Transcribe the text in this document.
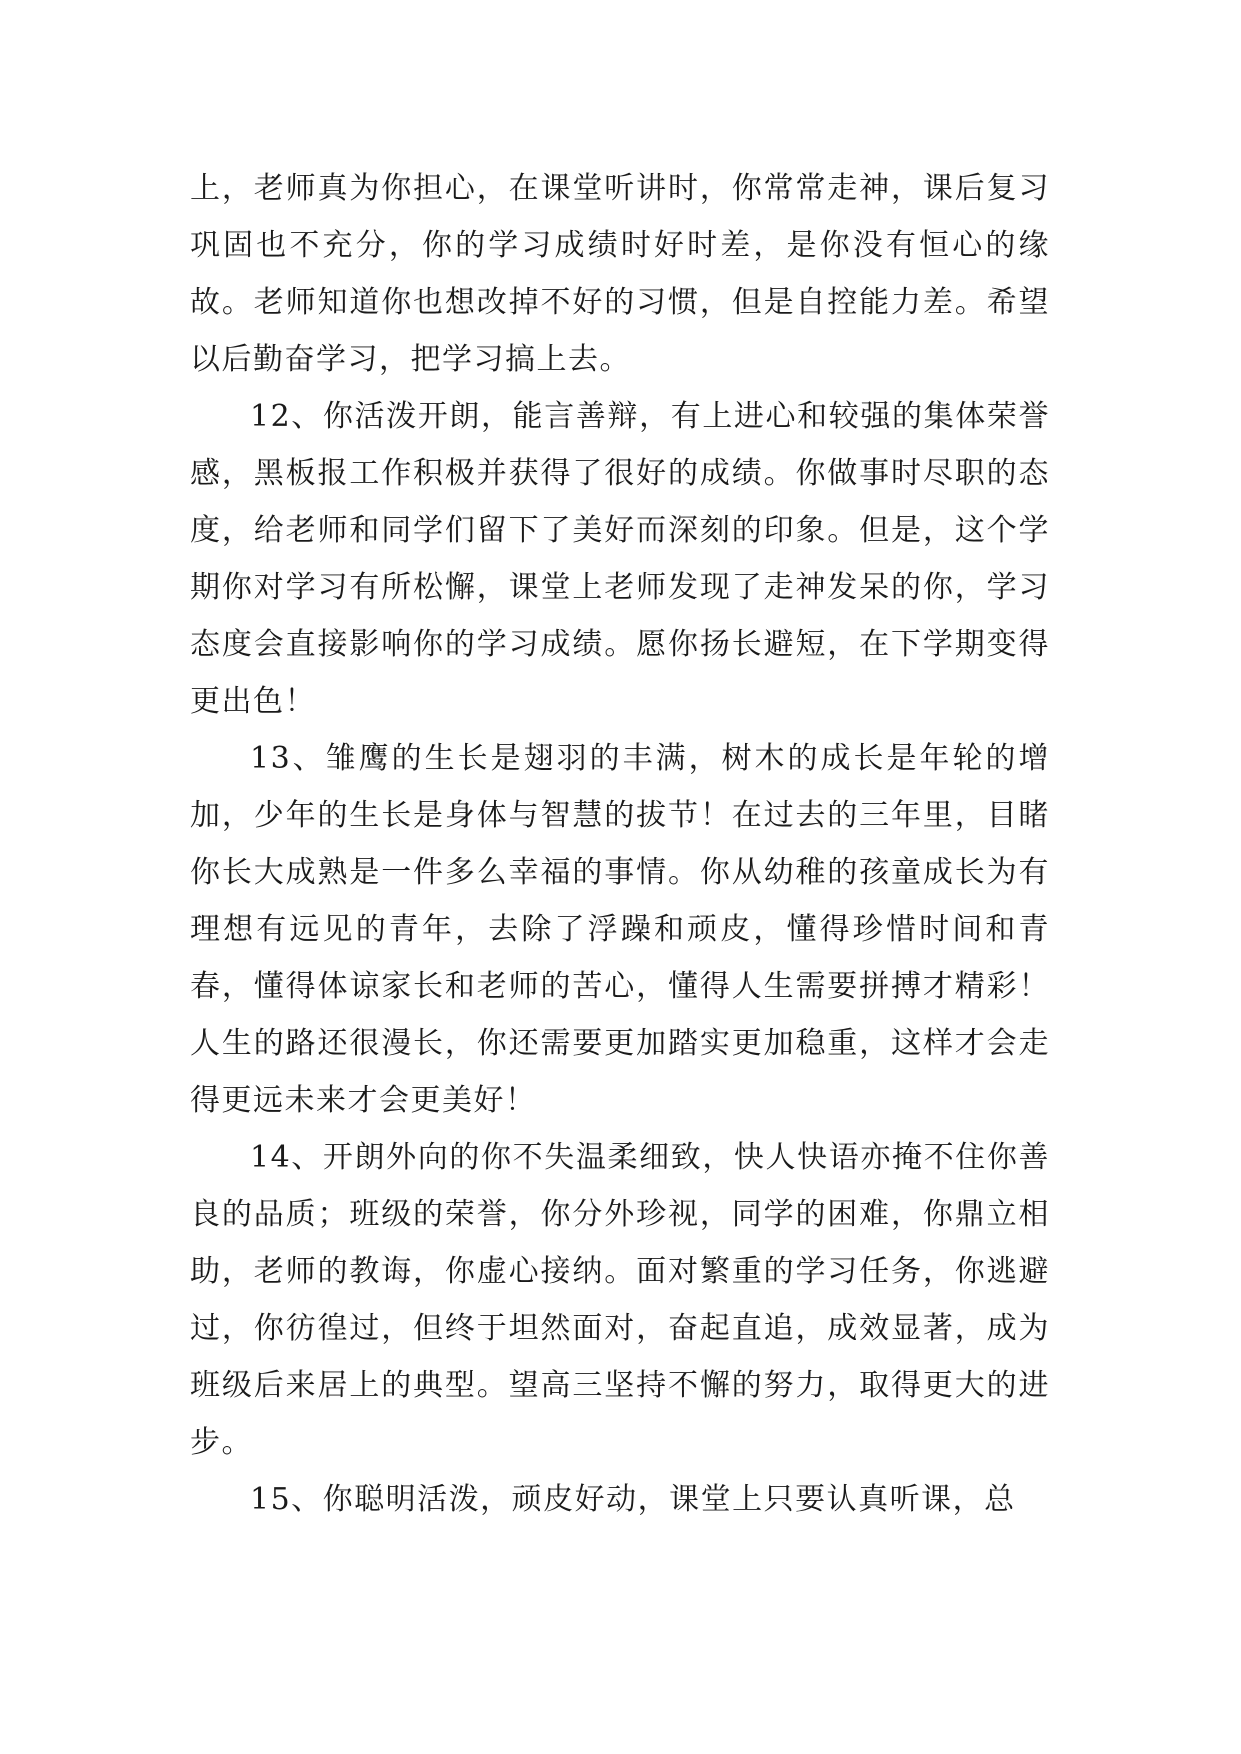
上，老师真为你担心，在课堂听讲时，你常常走神，课后复习巩固也不充分，你的学习成绩时好时差，是你没有恒心的缘故。老师知道你也想改掉不好的习惯，但是自控能力差。希望以后勤奋学习，把学习搞上去。

12、你活泼开朗，能言善辩，有上进心和较强的集体荣誉感，黑板报工作积极并获得了很好的成绩。你做事时尽职的态度，给老师和同学们留下了美好而深刻的印象。但是，这个学期你对学习有所松懈，课堂上老师发现了走神发呆的你，学习态度会直接影响你的学习成绩。愿你扬长避短，在下学期变得更出色！

13、雏鹰的生长是翅羽的丰满，树木的成长是年轮的增加，少年的生长是身体与智慧的拔节！在过去的三年里，目睹你长大成熟是一件多么幸福的事情。你从幼稚的孩童成长为有理想有远见的青年，去除了浮躁和顽皮，懂得珍惜时间和青春，懂得体谅家长和老师的苦心，懂得人生需要拼搏才精彩！人生的路还很漫长，你还需要更加踏实更加稳重，这样才会走得更远未来才会更美好！

14、开朗外向的你不失温柔细致，快人快语亦掩不住你善良的品质；班级的荣誉，你分外珍视，同学的困难，你鼎立相助，老师的教诲，你虚心接纳。面对繁重的学习任务，你逃避过，你彷徨过，但终于坦然面对，奋起直追，成效显著，成为班级后来居上的典型。望高三坚持不懈的努力，取得更大的进步。

15、你聪明活泼，顽皮好动，课堂上只要认真听课，总
